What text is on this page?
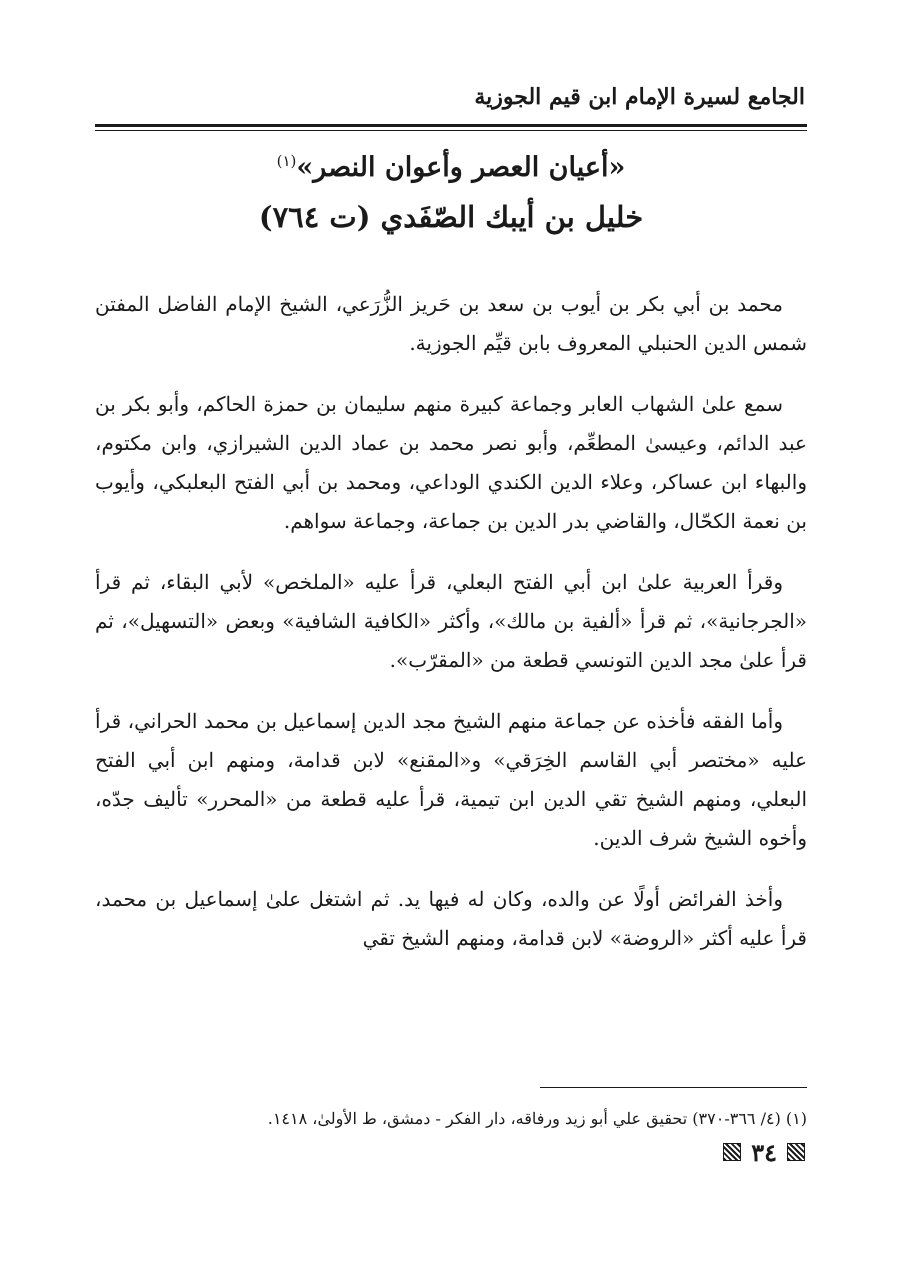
الجامع لسيرة الإمام ابن قيم الجوزية
«أعيان العصر وأعوان النصر»$^{(١)}$
خليل بن أيبك الصّفَدي (ت ٧٦٤)

محمد بن أبي بكر بن أيوب بن سعد بن حَريز الزُّرَعي، الشيخ الإمام الفاضل المفتن شمس الدين الحنبلي المعروف بابن قيِّم الجوزية.

سمع علىٰ الشهاب العابر وجماعة كبيرة منهم سليمان بن حمزة الحاكم، وأبو بكر بن عبد الدائم، وعيسىٰ المطعِّم، وأبو نصر محمد بن عماد الدين الشيرازي، وابن مكتوم، والبهاء ابن عساكر، وعلاء الدين الكندي الوداعي، ومحمد بن أبي الفتح البعلبكي، وأيوب بن نعمة الكحّال، والقاضي بدر الدين بن جماعة، وجماعة سواهم.

وقرأ العربية علىٰ ابن أبي الفتح البعلي، قرأ عليه «الملخص» لأبي البقاء، ثم قرأ «الجرجانية»، ثم قرأ «ألفية بن مالك»، وأكثر «الكافية الشافية» وبعض «التسهيل»، ثم قرأ علىٰ مجد الدين التونسي قطعة من «المقرّب».

وأما الفقه فأخذه عن جماعة منهم الشيخ مجد الدين إسماعيل بن محمد الحراني، قرأ عليه «مختصر أبي القاسم الخِرَقي» و«المقنع» لابن قدامة، ومنهم ابن أبي الفتح البعلي، ومنهم الشيخ تقي الدين ابن تيمية، قرأ عليه قطعة من «المحرر» تأليف جدّه، وأخوه الشيخ شرف الدين.

وأخذ الفرائض أولًا عن والده، وكان له فيها يد. ثم اشتغل علىٰ إسماعيل بن محمد، قرأ عليه أكثر «الروضة» لابن قدامة، ومنهم الشيخ تقي

(١) (٤/ ٣٦٦-٣٧٠) تحقيق علي أبو زيد ورفاقه، دار الفكر - دمشق، ط الأولىٰ، ١٤١٨.
٣٤
